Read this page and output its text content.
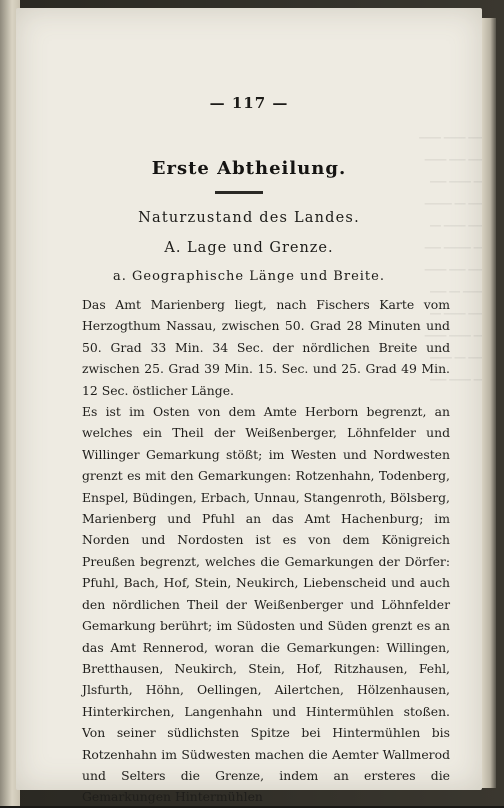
──── ──── ────
──── ─── ────
─── ──── ───
──── ── ─────
──── ──── ──
─── ───── ───
──── ─── ────
───── ── ───
──── ──── ──
─── ──── ────
──── ── ────
─── ──── ───
— 117 —
Erste Abtheilung.
Naturzustand des Landes.
A. Lage und Grenze.
a. Geographische Länge und Breite.

Das Amt Marienberg liegt, nach Fischers Karte vom Herzogthum Nassau, zwischen 50. Grad 28 Minuten und 50. Grad 33 Min. 34 Sec. der nördlichen Breite und zwischen 25. Grad 39 Min. 15. Sec. und 25. Grad 49 Min. 12 Sec. östlicher Länge.

Es ist im Osten von dem Amte Herborn begrenzt, an welches ein Theil der Weißenberger, Löhnfelder und Willinger Gemarkung stößt; im Westen und Nordwesten grenzt es mit den Gemarkungen: Rotzenhahn, Todenberg, Enspel, Büdingen, Erbach, Unnau, Stangenroth, Bölsberg, Marienberg und Pfuhl an das Amt Hachenburg; im Norden und Nordosten ist es von dem Königreich Preußen begrenzt, welches die Gemarkungen der Dörfer: Pfuhl, Bach, Hof, Stein, Neukirch, Liebenscheid und auch den nördlichen Theil der Weißenberger und Löhnfelder Gemarkung berührt; im Südosten und Süden grenzt es an das Amt Rennerod, woran die Gemarkungen: Willingen, Bretthausen, Neukirch, Stein, Hof, Ritzhausen, Fehl, Jlsfurth, Höhn, Oellingen, Ailertchen, Hölzenhausen, Hinterkirchen, Langenhahn und Hintermühlen stoßen. Von seiner südlichsten Spitze bei Hintermühlen bis Rotzenhahn im Südwesten machen die Aemter Wallmerod und Selters die Grenze, indem an ersteres die Gemarkungen Hintermühlen
